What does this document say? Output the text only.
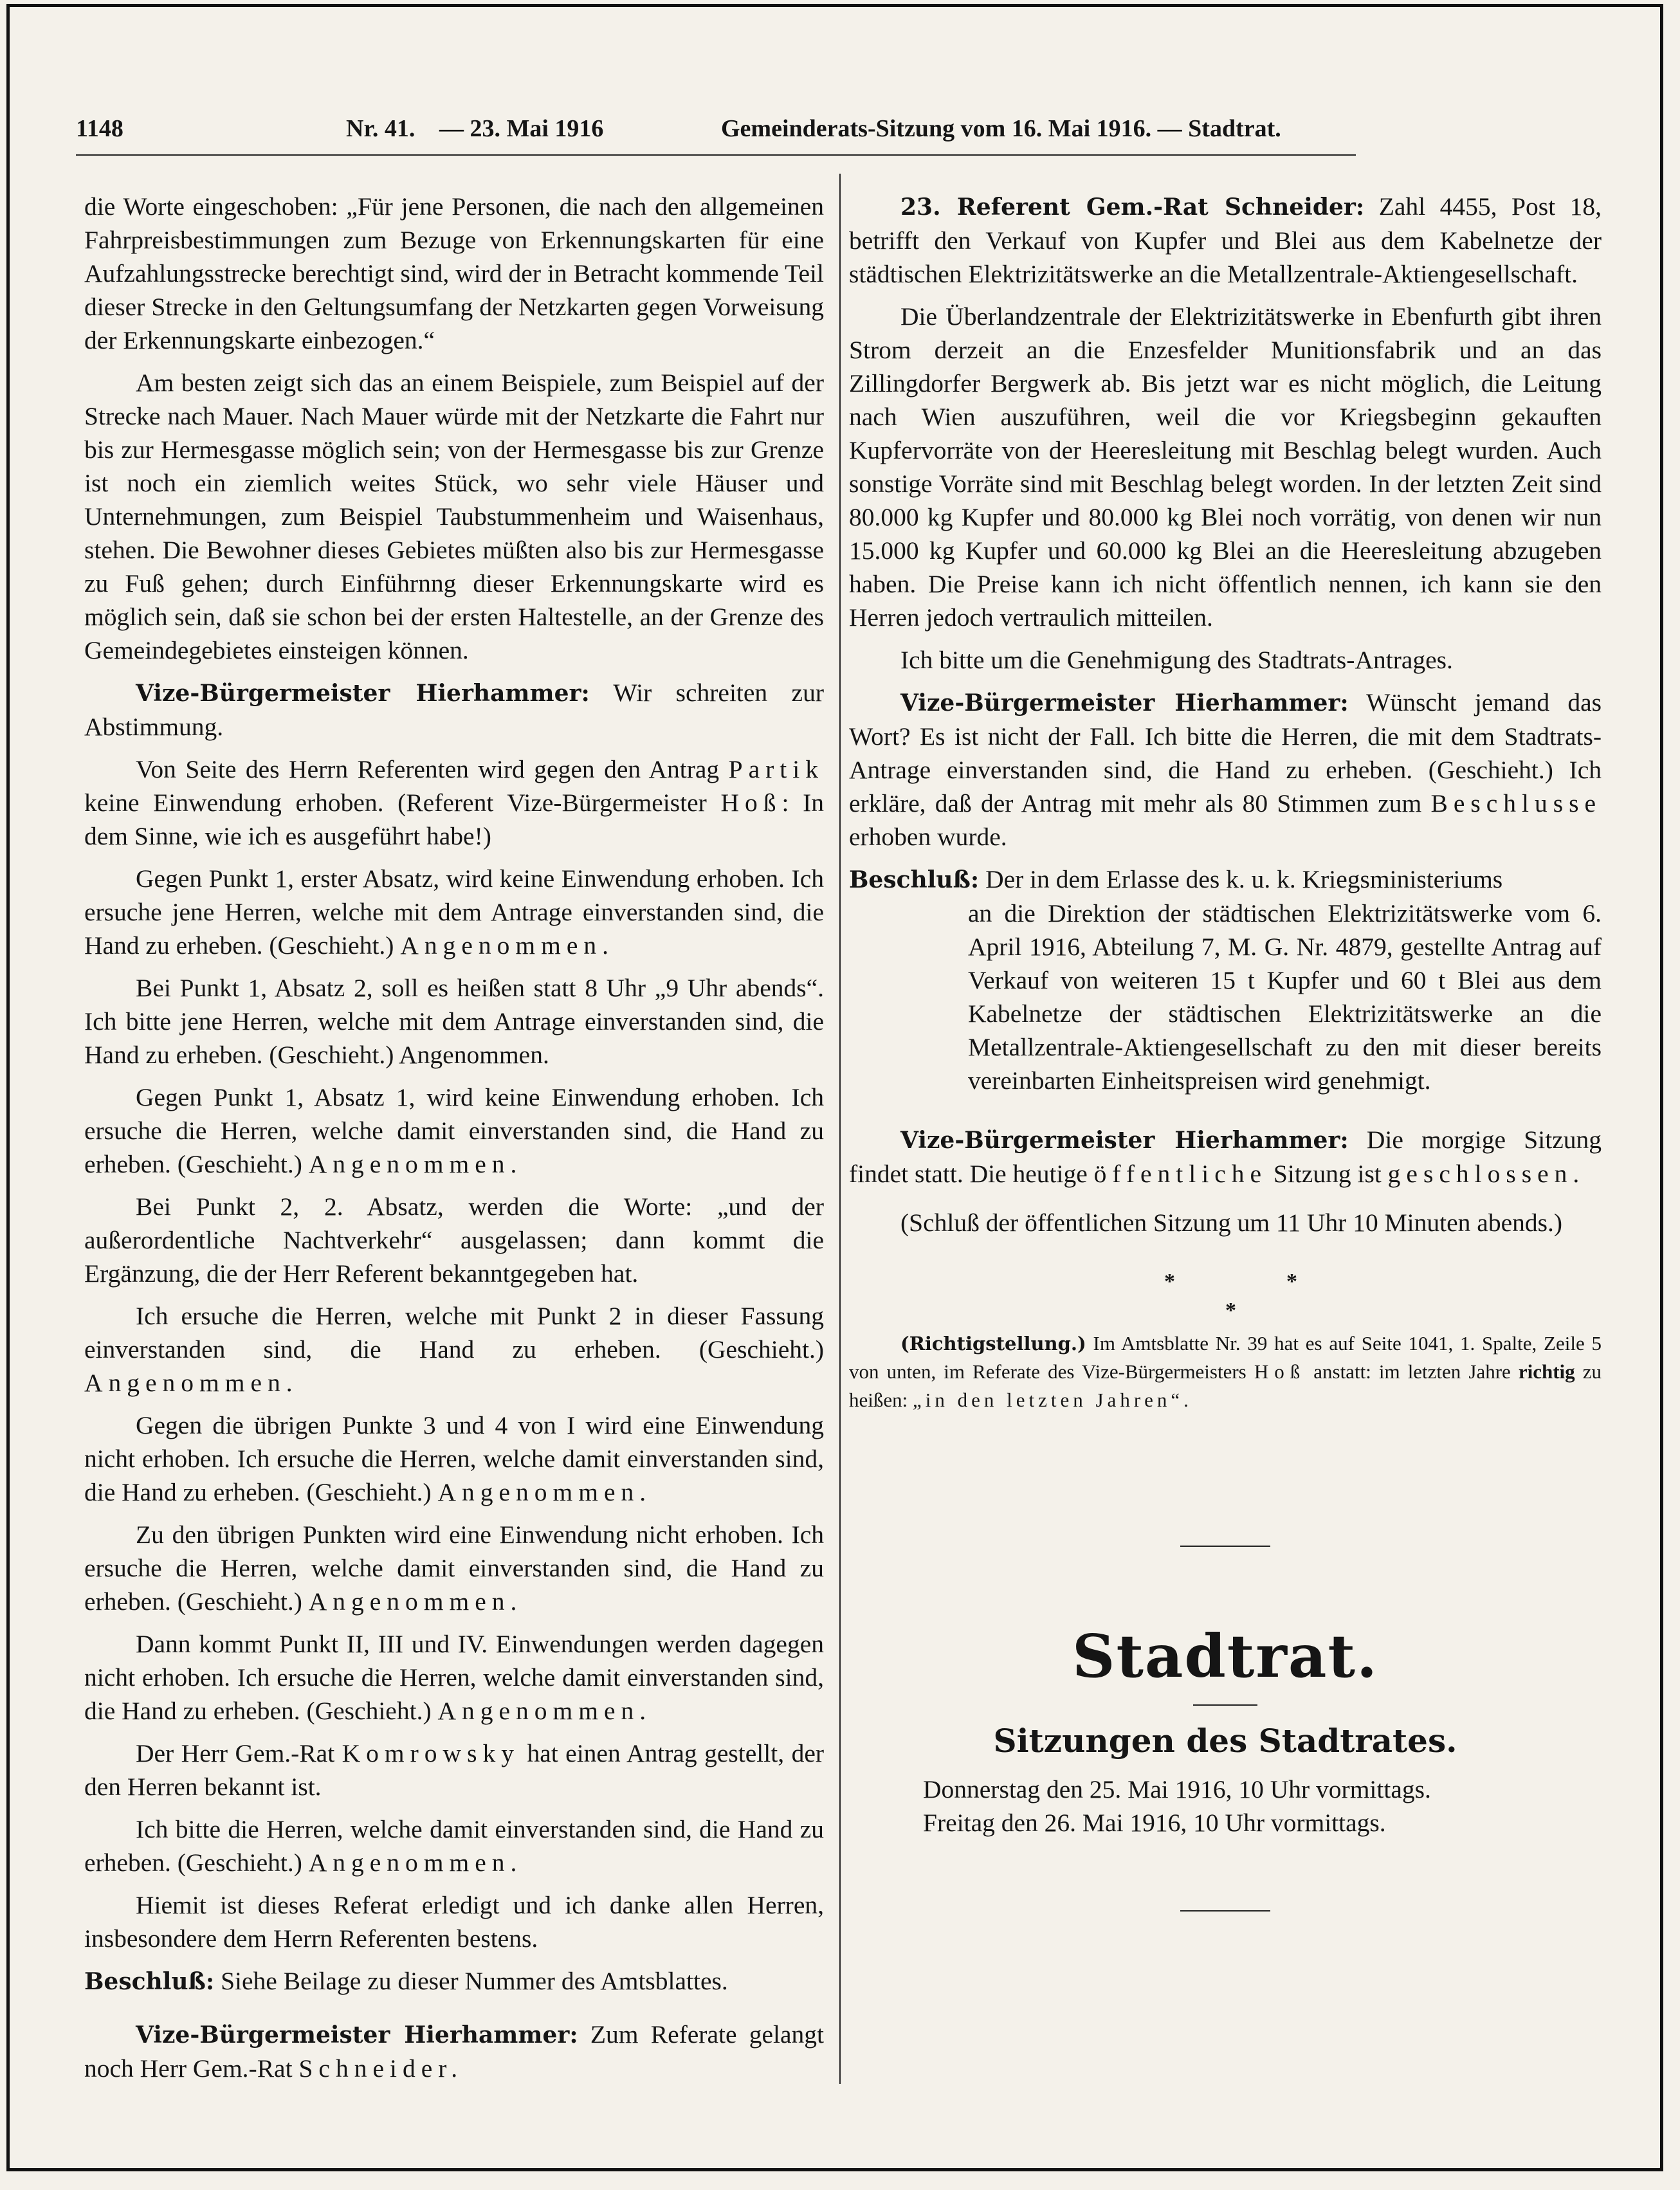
1148	Nr. 41. — 23. Mai 1916	Gemeinderats-Sitzung vom 16. Mai 1916. — Stadtrat.

die Worte eingeschoben: „Für jene Personen, die nach den allgemeinen Fahrpreisbestimmungen zum Bezuge von Erkennungskarten für eine Aufzahlungsstrecke berechtigt sind, wird der in Betracht kommende Teil dieser Strecke in den Geltungsumfang der Netzkarten gegen Vorweisung der Erkennungskarte einbezogen.“

Am besten zeigt sich das an einem Beispiele, zum Beispiel auf der Strecke nach Mauer. Nach Mauer würde mit der Netzkarte die Fahrt nur bis zur Hermesgasse möglich sein; von der Hermesgasse bis zur Grenze ist noch ein ziemlich weites Stück, wo sehr viele Häuser und Unternehmungen, zum Beispiel Taubstummenheim und Waisenhaus, stehen. Die Bewohner dieses Gebietes müßten also bis zur Hermesgasse zu Fuß gehen; durch Einführnng dieser Erkennungskarte wird es möglich sein, daß sie schon bei der ersten Haltestelle, an der Grenze des Gemeindegebietes einsteigen können.

Vize-Bürgermeister Hierhammer: Wir schreiten zur Abstimmung.

Von Seite des Herrn Referenten wird gegen den Antrag Partik keine Einwendung erhoben. (Referent Vize-Bürgermeister Hoß: In dem Sinne, wie ich es ausgeführt habe!)

Gegen Punkt 1, erster Absatz, wird keine Einwendung erhoben. Ich ersuche jene Herren, welche mit dem Antrage einverstanden sind, die Hand zu erheben. (Geschieht.) Angenommen.

Bei Punkt 1, Absatz 2, soll es heißen statt 8 Uhr „9 Uhr abends“. Ich bitte jene Herren, welche mit dem Antrage einverstanden sind, die Hand zu erheben. (Geschieht.) Angenommen.

Gegen Punkt 1, Absatz 1, wird keine Einwendung erhoben. Ich ersuche die Herren, welche damit einverstanden sind, die Hand zu erheben. (Geschieht.) Angenommen.

Bei Punkt 2, 2. Absatz, werden die Worte: „und der außerordentliche Nachtverkehr“ ausgelassen; dann kommt die Ergänzung, die der Herr Referent bekanntgegeben hat.

Ich ersuche die Herren, welche mit Punkt 2 in dieser Fassung einverstanden sind, die Hand zu erheben. (Geschieht.) Angenommen.

Gegen die übrigen Punkte 3 und 4 von I wird eine Einwendung nicht erhoben. Ich ersuche die Herren, welche damit einverstanden sind, die Hand zu erheben. (Geschieht.) Angenommen.

Zu den übrigen Punkten wird eine Einwendung nicht erhoben. Ich ersuche die Herren, welche damit einverstanden sind, die Hand zu erheben. (Geschieht.) Angenommen.

Dann kommt Punkt II, III und IV. Einwendungen werden dagegen nicht erhoben. Ich ersuche die Herren, welche damit einverstanden sind, die Hand zu erheben. (Geschieht.) Angenommen.

Der Herr Gem.-Rat Komrowsky hat einen Antrag gestellt, der den Herren bekannt ist.

Ich bitte die Herren, welche damit einverstanden sind, die Hand zu erheben. (Geschieht.) Angenommen.

Hiemit ist dieses Referat erledigt und ich danke allen Herren, insbesondere dem Herrn Referenten bestens.

Beschluß: Siehe Beilage zu dieser Nummer des Amtsblattes.

Vize-Bürgermeister Hierhammer: Zum Referate gelangt noch Herr Gem.-Rat Schneider.

23. Referent Gem.-Rat Schneider: Zahl 4455, Post 18, betrifft den Verkauf von Kupfer und Blei aus dem Kabelnetze der städtischen Elektrizitätswerke an die Metallzentrale-Aktiengesellschaft.

Die Überlandzentrale der Elektrizitätswerke in Ebenfurth gibt ihren Strom derzeit an die Enzesfelder Munitionsfabrik und an das Zillingdorfer Bergwerk ab. Bis jetzt war es nicht möglich, die Leitung nach Wien auszuführen, weil die vor Kriegsbeginn gekauften Kupfervorräte von der Heeresleitung mit Beschlag belegt wurden. Auch sonstige Vorräte sind mit Beschlag belegt worden. In der letzten Zeit sind 80.000 kg Kupfer und 80.000 kg Blei noch vorrätig, von denen wir nun 15.000 kg Kupfer und 60.000 kg Blei an die Heeresleitung abzugeben haben. Die Preise kann ich nicht öffentlich nennen, ich kann sie den Herren jedoch vertraulich mitteilen.

Ich bitte um die Genehmigung des Stadtrats-Antrages.

Vize-Bürgermeister Hierhammer: Wünscht jemand das Wort? Es ist nicht der Fall. Ich bitte die Herren, die mit dem Stadtrats-Antrage einverstanden sind, die Hand zu erheben. (Geschieht.) Ich erkläre, daß der Antrag mit mehr als 80 Stimmen zum Beschlusse erhoben wurde.

Beschluß: Der in dem Erlasse des k. u. k. Kriegsministeriums

an die Direktion der städtischen Elektrizitätswerke vom 6. April 1916, Abteilung 7, M. G. Nr. 4879, gestellte Antrag auf Verkauf von weiteren 15 t Kupfer und 60 t Blei aus dem Kabelnetze der städtischen Elektrizitätswerke an die Metallzentrale-Aktiengesellschaft zu den mit dieser bereits vereinbarten Einheitspreisen wird genehmigt.

Vize-Bürgermeister Hierhammer: Die morgige Sitzung findet statt. Die heutige öffentliche Sitzung ist geschlossen.

(Schluß der öffentlichen Sitzung um 11 Uhr 10 Minuten abends.)

*	*
*

(Richtigstellung.) Im Amtsblatte Nr. 39 hat es auf Seite 1041, 1. Spalte, Zeile 5 von unten, im Referate des Vize-Bürgermeisters Hoß anstatt: im letzten Jahre richtig zu heißen: „in den letzten Jahren“.

Stadtrat.
Sitzungen des Stadtrates.

Donnerstag den 25. Mai 1916, 10 Uhr vormittags.

Freitag den 26. Mai 1916, 10 Uhr vormittags.
